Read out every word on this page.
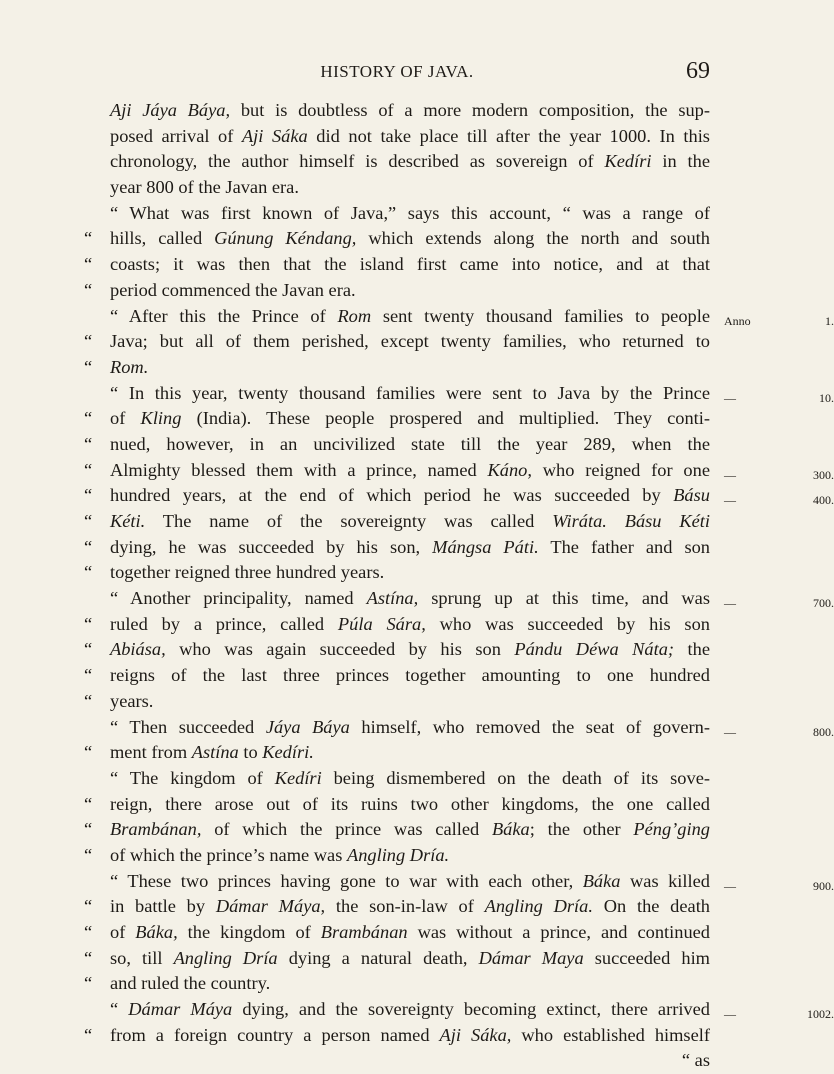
HISTORY OF JAVA.	69
Aji Jáya Báya, but is doubtless of a more modern composition, the sup-
posed arrival of Aji Sáka did not take place till after the year 1000. In this
chronology, the author himself is described as sovereign of Kedíri in the
year 800 of the Javan era.
“ What was first known of Java,” says this account, “ was a range of
“ hills, called Gúnung Kéndang, which extends along the north and south
“ coasts; it was then that the island first came into notice, and at that
“ period commenced the Javan era.
“ After this the Prince of Rom sent twenty thousand families to people Anno 1.
“ Java; but all of them perished, except twenty families, who returned to
“ Rom.
“ In this year, twenty thousand families were sent to Java by the Prince — 10.
“ of Kling (India). These people prospered and multiplied. They conti-
“ nued, however, in an uncivilized state till the year 289, when the
“ Almighty blessed them with a prince, named Káno, who reigned for one — 300.
“ hundred years, at the end of which period he was succeeded by Básu — 400.
“ Kéti. The name of the sovereignty was called Wiráta. Básu Kéti
“ dying, he was succeeded by his son, Mángsa Páti. The father and son
“ together reigned three hundred years.
“ Another principality, named Astína, sprung up at this time, and was — 700.
“ ruled by a prince, called Púla Sára, who was succeeded by his son
“ Abiása, who was again succeeded by his son Pándu Déwa Náta; the
“ reigns of the last three princes together amounting to one hundred
“ years.
“ Then succeeded Jáya Báya himself, who removed the seat of govern- — 800.
“ ment from Astína to Kedíri.
“ The kingdom of Kedíri being dismembered on the death of its sove-
“ reign, there arose out of its ruins two other kingdoms, the one called
“ Brambánan, of which the prince was called Báka; the other Péng’ging
“ of which the prince’s name was Angling Dría.
“ These two princes having gone to war with each other, Báka was killed — 900.
“ in battle by Dámar Máya, the son-in-law of Angling Dría. On the death
“ of Báka, the kingdom of Brambánan was without a prince, and continued
“ so, till Angling Dría dying a natural death, Dámar Maya succeeded him
“ and ruled the country.
“ Dámar Máya dying, and the sovereignty becoming extinct, there arrived — 1002.
“ from a foreign country a person named Aji Sáka, who established himself
“ as
